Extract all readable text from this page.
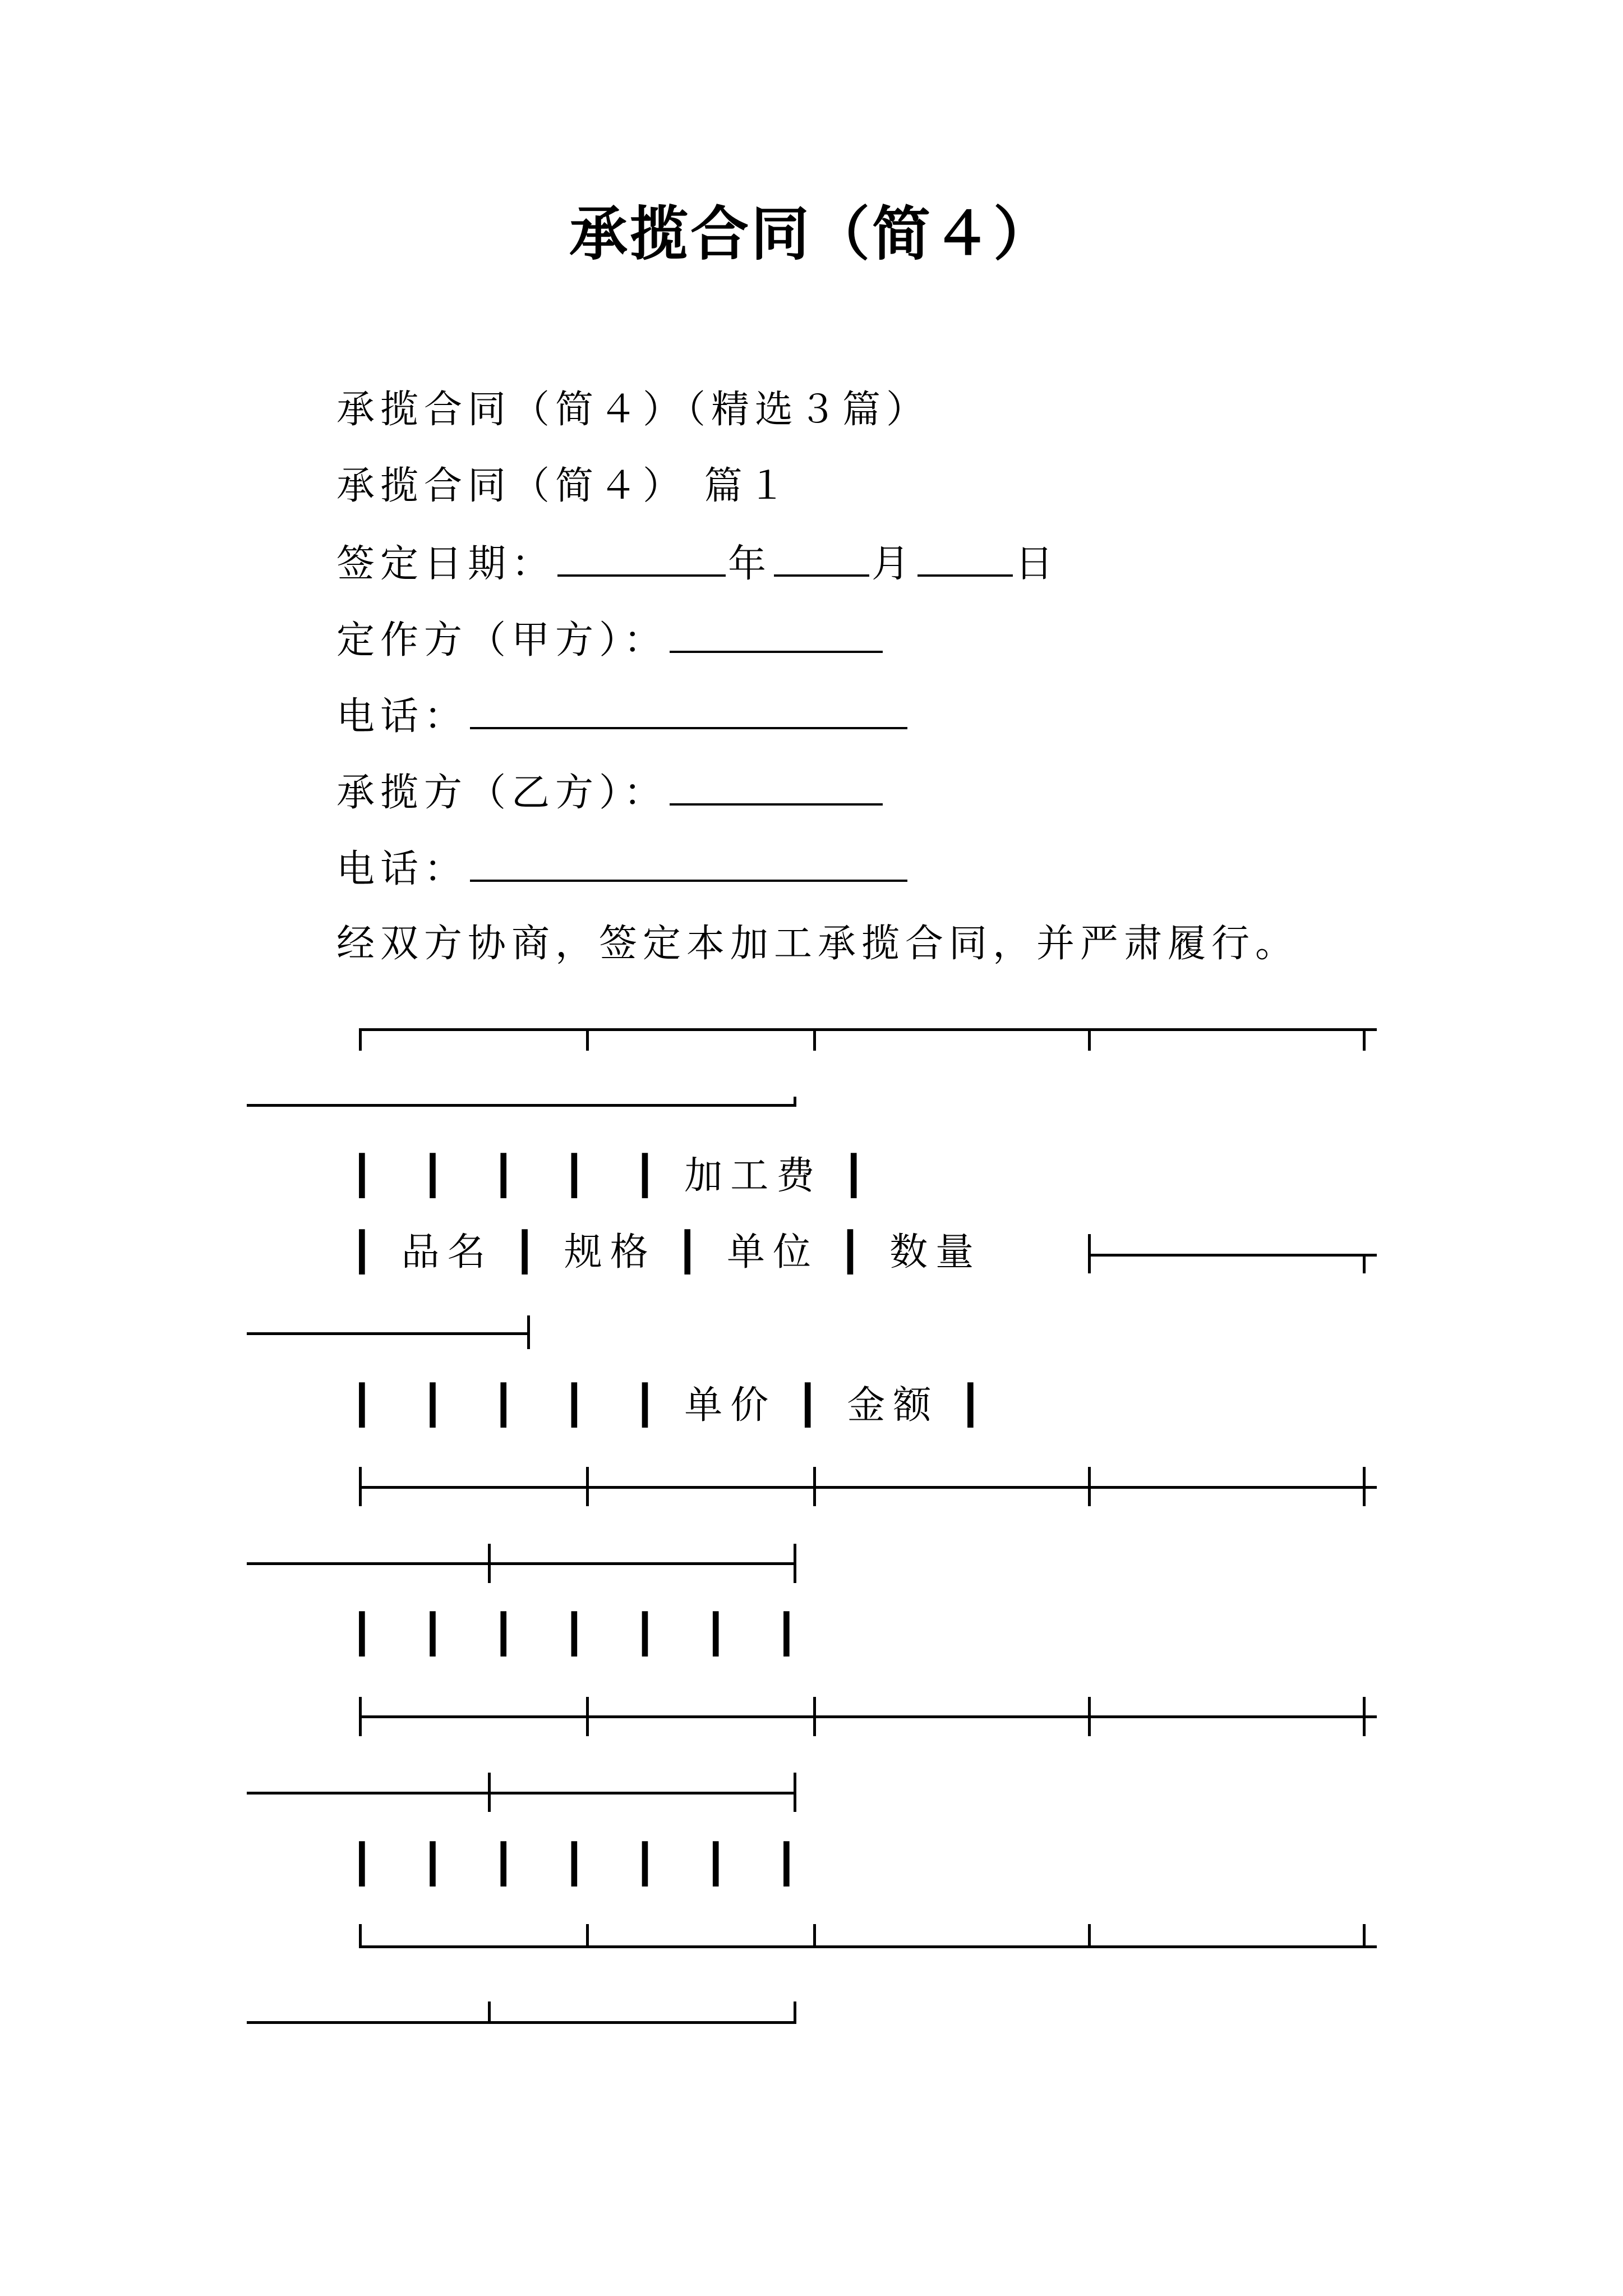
承揽合同（简４）
承揽合同（简４）（精选３篇）
承揽合同（简４） 篇１
签定日期：	年	月	日
定作方（甲方）：
电话：
承揽方（乙方）：
电话：
经双方协商，签定本加工承揽合同，并严肃履行。
┃  ┃  ┃  ┃  ┃ 加工费 ┃
┃ 品名 ┃ 规格 ┃ 单位 ┃ 数量
┃  ┃  ┃  ┃  ┃ 单价 ┃ 金额 ┃
┃  ┃  ┃  ┃  ┃  ┃  ┃
┃  ┃  ┃  ┃  ┃  ┃  ┃
